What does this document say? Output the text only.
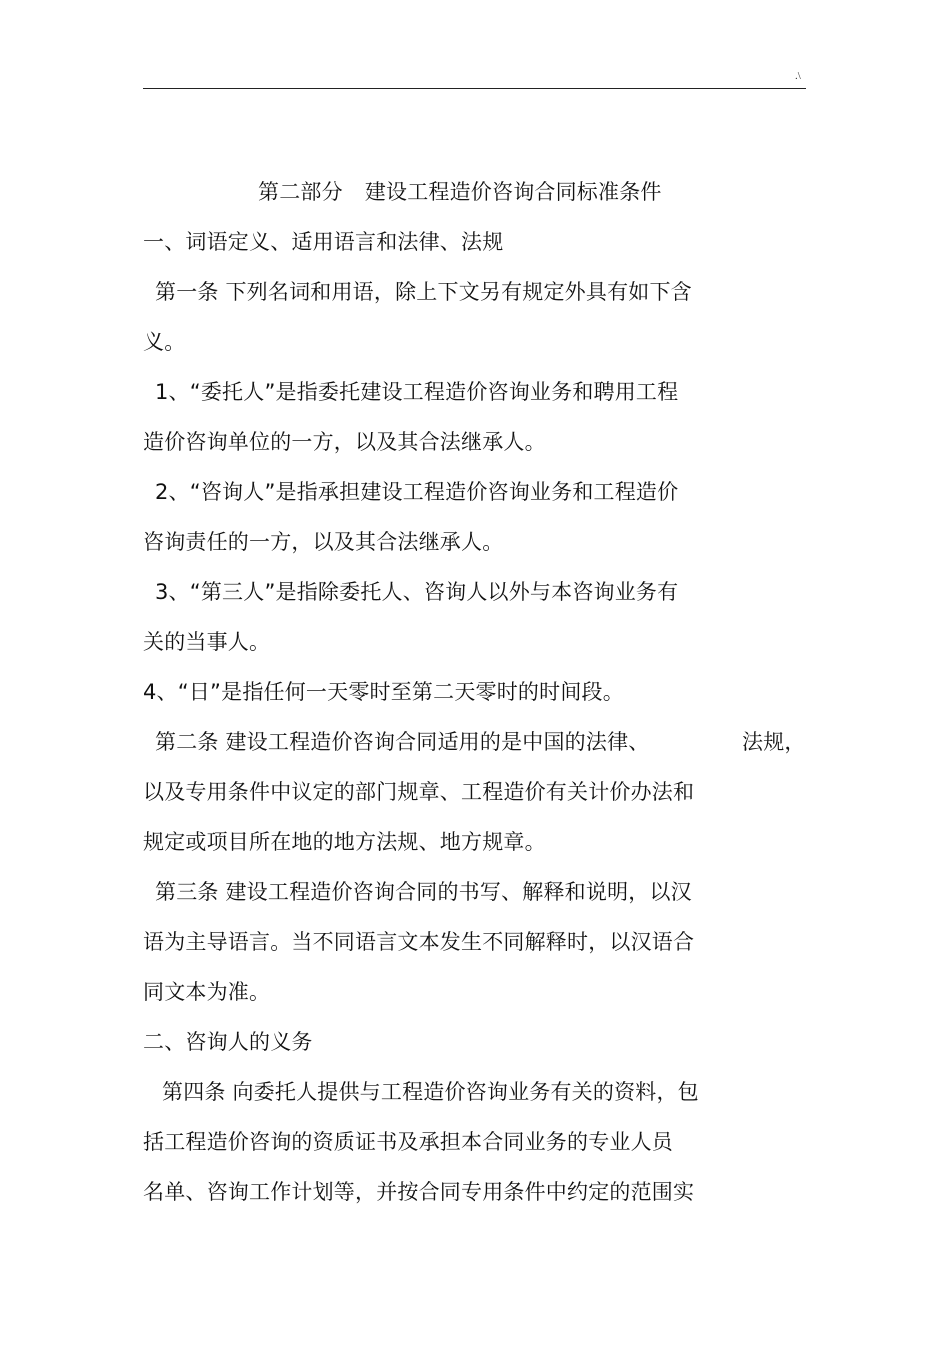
.\
第二部分 建设工程造价咨询合同标准条件
一、词语定义、适用语言和法律、法规
第一条 下列名词和用语，除上下文另有规定外具有如下含
义。
1、“委托人”是指委托建设工程造价咨询业务和聘用工程
造价咨询单位的一方，以及其合法继承人。
2、“咨询人”是指承担建设工程造价咨询业务和工程造价
咨询责任的一方，以及其合法继承人。
3、“第三人”是指除委托人、咨询人以外与本咨询业务有
关的当事人。
4、“日”是指任何一天零时至第二天零时的时间段。
第二条 建设工程造价咨询合同适用的是中国的法律、	法规，
以及专用条件中议定的部门规章、工程造价有关计价办法和
规定或项目所在地的地方法规、地方规章。
第三条 建设工程造价咨询合同的书写、解释和说明，以汉
语为主导语言。当不同语言文本发生不同解释时，以汉语合
同文本为准。
二、咨询人的义务
第四条 向委托人提供与工程造价咨询业务有关的资料，包
括工程造价咨询的资质证书及承担本合同业务的专业人员
名单、咨询工作计划等，并按合同专用条件中约定的范围实
